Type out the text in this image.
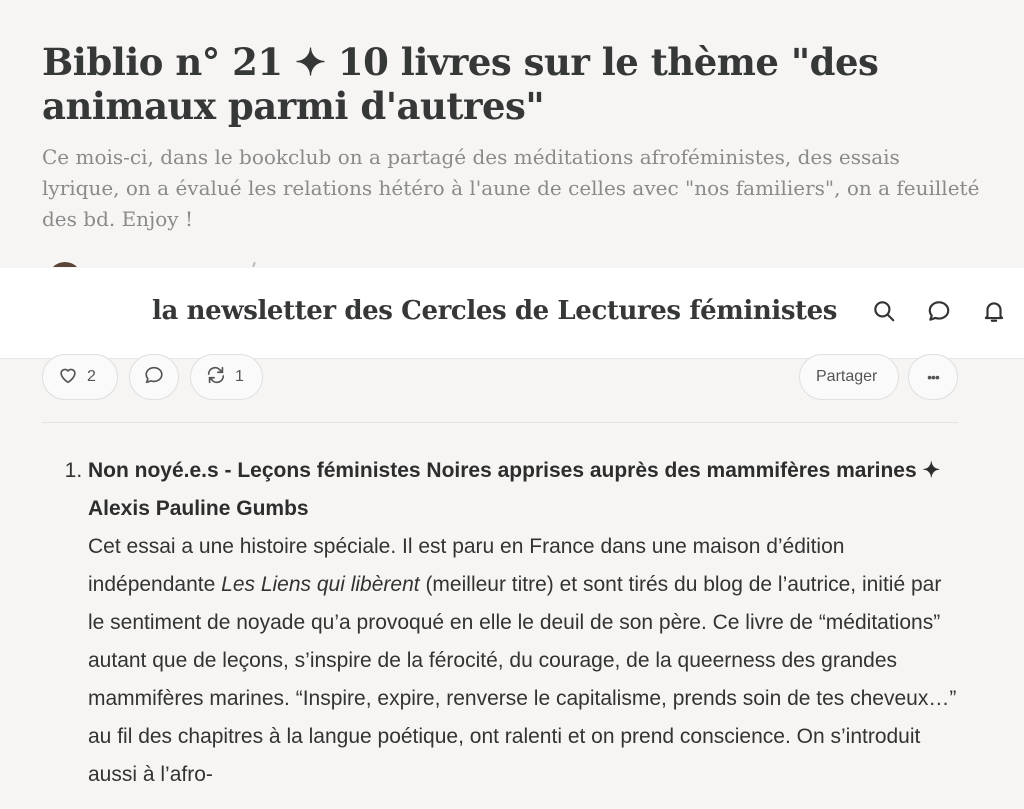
Biblio n° 21 ✦ 10 livres sur le thème "des animaux parmi d'autres"

Ce mois-ci, dans le bookclub on a partagé des méditations afroféministes, des essais lyrique, on a évalué les relations hétéro à l'aune de celles avec "nos familiers", on a feuilleté des bd. Enjoy !

la newsletter des Cercles de Lectures féministes
2	1	Partager	•••
1. Non noyé.e.s - Leçons féministes Noires apprises auprès des mammifères marines ✦ Alexis Pauline Gumbs
Cet essai a une histoire spéciale. Il est paru en France dans une maison d’édition indépendante Les Liens qui libèrent (meilleur titre) et sont tirés du blog de l’autrice, initié par le sentiment de noyade qu’a provoqué en elle le deuil de son père. Ce livre de “méditations” autant que de leçons, s’inspire de la férocité, du courage, de la queerness des grandes mammifères marines. “Inspire, expire, renverse le capitalisme, prends soin de tes cheveux…” au fil des chapitres à la langue poétique, ont ralenti et on prend conscience. On s’introduit aussi à l’afro-
